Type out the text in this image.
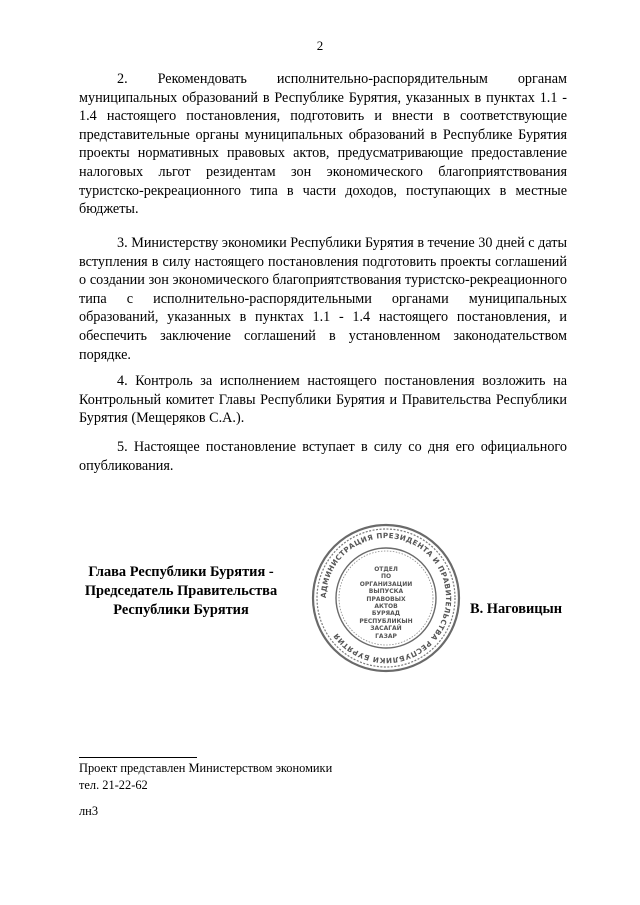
2

2. Рекомендовать исполнительно-распорядительным органам муниципальных образований в Республике Бурятия, указанных в пунктах 1.1 - 1.4 настоящего постановления, подготовить и внести в соответствующие представительные органы муниципальных образований в Республике Бурятия проекты нормативных правовых актов, предусматривающие предоставление налоговых льгот резидентам зон экономического благоприятствования туристско-рекреационного типа в части доходов, поступающих в местные бюджеты.

3. Министерству экономики Республики Бурятия в течение 30 дней с даты вступления в силу настоящего постановления подготовить проекты соглашений о создании зон экономического благоприятствования туристско-рекреационного типа с исполнительно-распорядительными органами муниципальных образований, указанных в пунктах 1.1 - 1.4 настоящего постановления, и обеспечить заключение соглашений в установленном законодательством порядке.

4. Контроль за исполнением настоящего постановления возложить на Контрольный комитет Главы Республики Бурятия и Правительства Республики Бурятия (Мещеряков С.А.).

5. Настоящее постановление вступает в силу со дня его официального опубликования.

Глава Республики Бурятия -
Председатель Правительства
Республики Бурятия
АДМИНИСТРАЦИЯ ПРЕЗИДЕНТА И ПРАВИТЕЛЬСТВА РЕСПУБЛИКИ БУРЯТИЯ
ОТДЕЛ ПО ОРГАНИЗАЦИИ ВЫПУСКА ПРАВОВЫХ АКТОВ БУРЯАД РЕСПУБЛИКЫН ЗАСАГАЙ ГАЗАР
В. Наговицын
Проект представлен Министерством экономики
тел. 21-22-62
лн3
